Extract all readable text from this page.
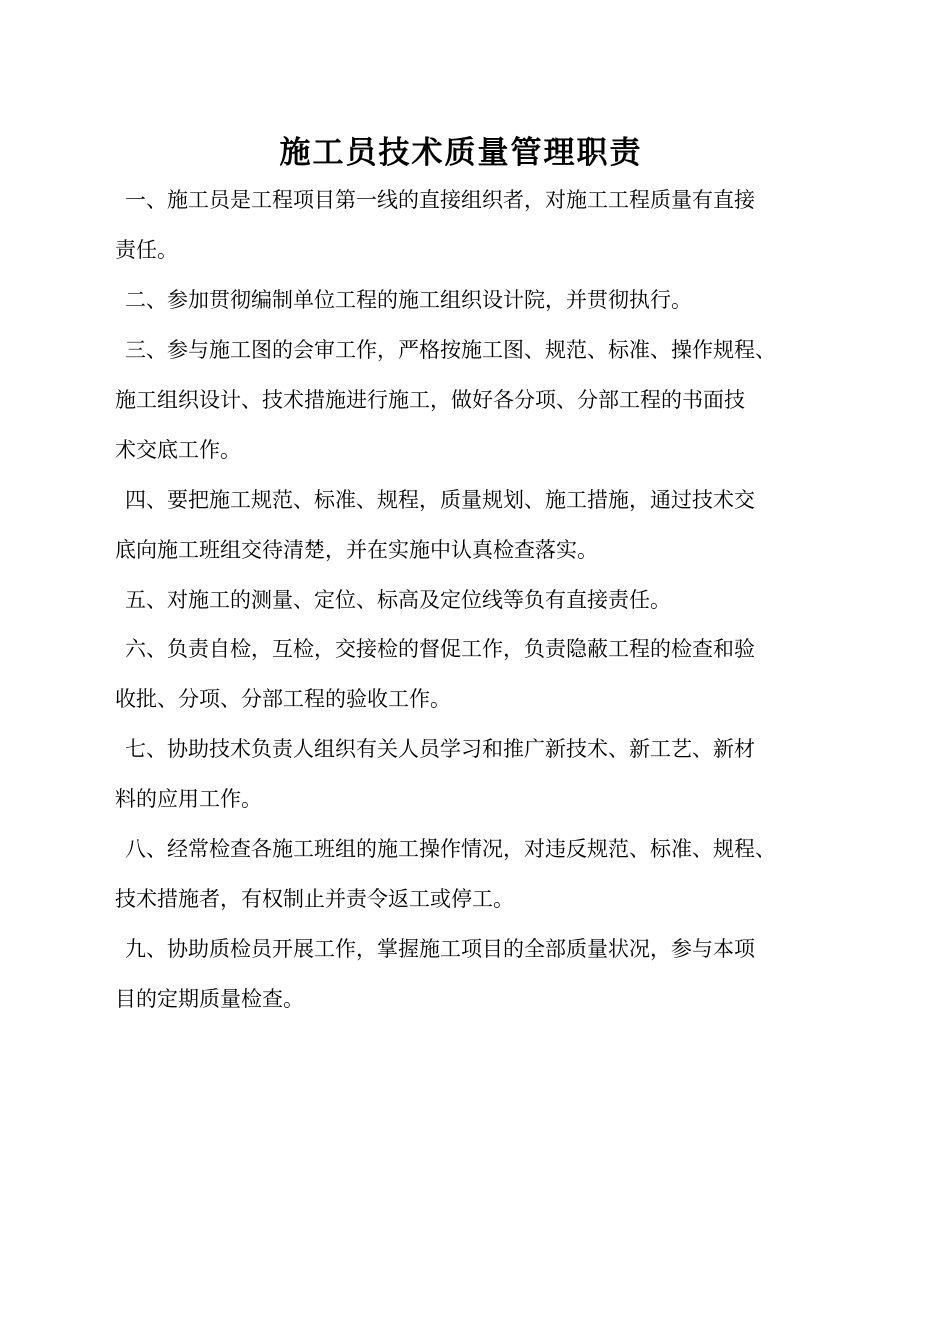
施工员技术质量管理职责
一、施工员是工程项目第一线的直接组织者，对施工工程质量有直接
责任。
二、参加贯彻编制单位工程的施工组织设计院，并贯彻执行。
三、参与施工图的会审工作，严格按施工图、规范、标准、操作规程、
施工组织设计、技术措施进行施工，做好各分项、分部工程的书面技
术交底工作。
四、要把施工规范、标准、规程，质量规划、施工措施，通过技术交
底向施工班组交待清楚，并在实施中认真检查落实。
五、对施工的测量、定位、标高及定位线等负有直接责任。
六、负责自检，互检，交接检的督促工作，负责隐蔽工程的检查和验
收批、分项、分部工程的验收工作。
七、协助技术负责人组织有关人员学习和推广新技术、新工艺、新材
料的应用工作。
八、经常检查各施工班组的施工操作情况，对违反规范、标准、规程、
技术措施者，有权制止并责令返工或停工。
九、协助质检员开展工作，掌握施工项目的全部质量状况，参与本项
目的定期质量检查。
